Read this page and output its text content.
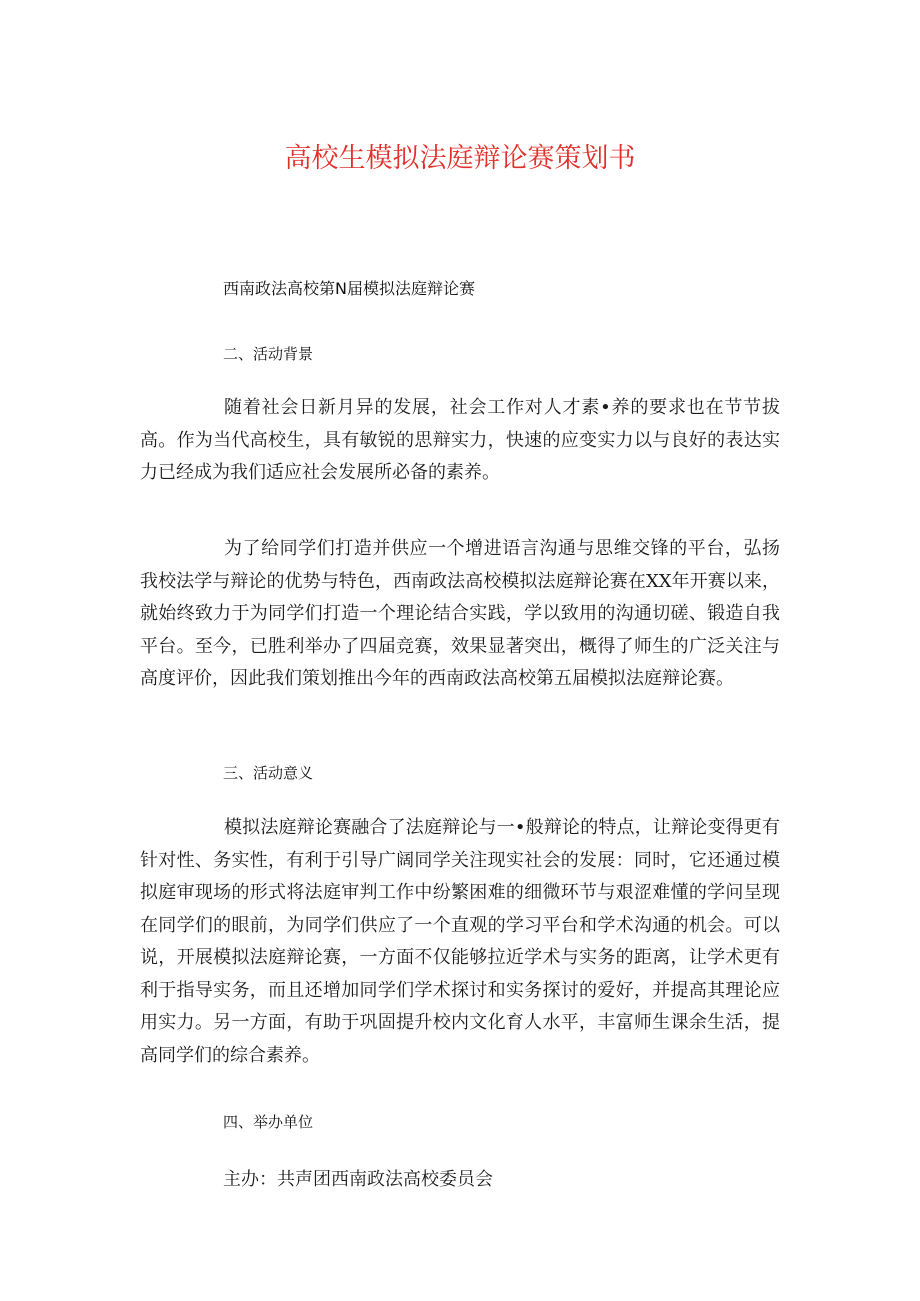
高校生模拟法庭辩论赛策划书
西南政法高校第N届模拟法庭辩论赛
二、活动背景

随着社会日新月异的发展，社会工作对人才素•养的要求也在节节拔高。作为当代高校生，具有敏锐的思辩实力，快速的应变实力以与良好的表达实力已经成为我们适应社会发展所必备的素养。

为了给同学们打造并供应一个增进语言沟通与思维交锋的平台，弘扬我校法学与辩论的优势与特色，西南政法高校模拟法庭辩论赛在XX年开赛以来，就始终致力于为同学们打造一个理论结合实践，学以致用的沟通切磋、锻造自我平台。至今，已胜利举办了四届竞赛，效果显著突出，概得了师生的广泛关注与高度评价，因此我们策划推出今年的西南政法高校第五届模拟法庭辩论赛。

三、活动意义

模拟法庭辩论赛融合了法庭辩论与一•般辩论的特点，让辩论变得更有针对性、务实性，有利于引导广阔同学关注现实社会的发展：同时，它还通过模拟庭审现场的形式将法庭审判工作中纷繁困难的细微环节与艰涩难懂的学问呈现在同学们的眼前，为同学们供应了一个直观的学习平台和学术沟通的机会。可以说，开展模拟法庭辩论赛，一方面不仅能够拉近学术与实务的距离，让学术更有利于指导实务，而且还增加同学们学术探讨和实务探讨的爱好，并提高其理论应用实力。另一方面，有助于巩固提升校内文化育人水平，丰富师生课余生活，提高同学们的综合素养。

四、举办单位
主办：共声团西南政法高校委员会
